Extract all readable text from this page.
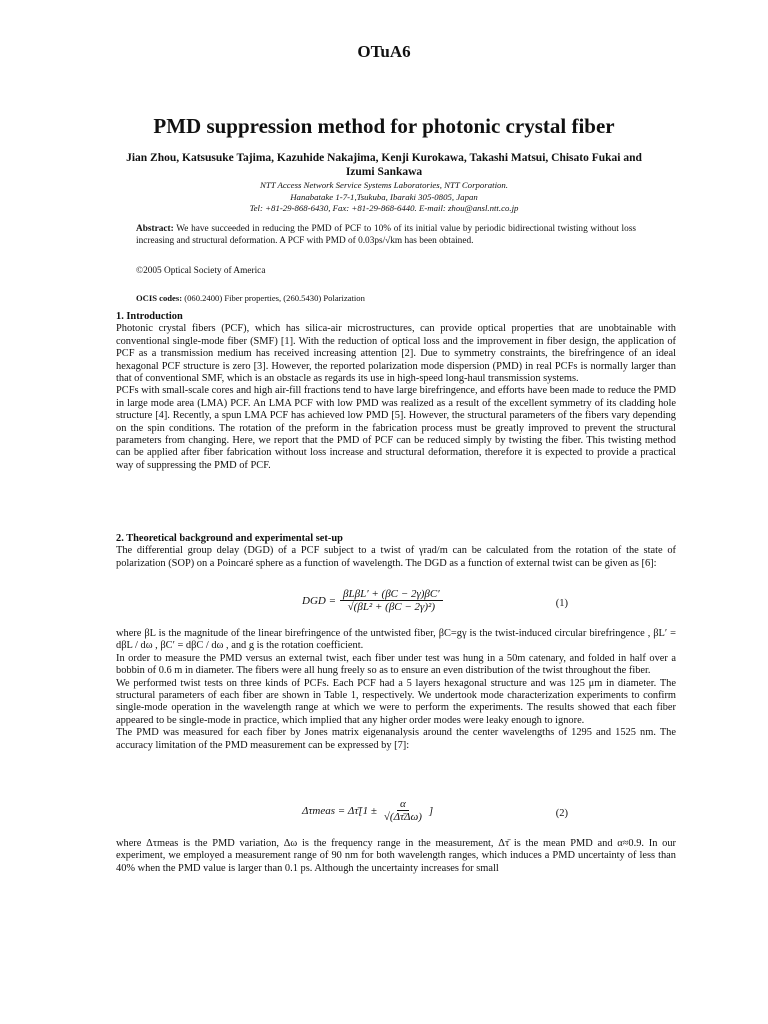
OTuA6
PMD suppression method for photonic crystal fiber
Jian Zhou, Katsusuke Tajima, Kazuhide Nakajima, Kenji Kurokawa, Takashi Matsui, Chisato Fukai and Izumi Sankawa
NTT Access Network Service Systems Laboratories, NTT Corporation.
Hanabatake 1-7-1,Tsukuba, Ibaraki 305-0805, Japan
Tel: +81-29-868-6430, Fax: +81-29-868-6440. E-mail: zhou@ansl.ntt.co.jp
Abstract: We have succeeded in reducing the PMD of PCF to 10% of its initial value by periodic bidirectional twisting without loss increasing and structural deformation. A PCF with PMD of 0.03ps/√km has been obtained.
©2005 Optical Society of America
OCIS codes: (060.2400) Fiber properties, (260.5430) Polarization
1. Introduction

Photonic crystal fibers (PCF), which has silica-air microstructures, can provide optical properties that are unobtainable with conventional single-mode fiber (SMF) [1]. With the reduction of optical loss and the improvement in fiber design, the application of PCF as a transmission medium has received increasing attention [2]. Due to symmetry constraints, the birefringence of an ideal hexagonal PCF structure is zero [3]. However, the reported polarization mode dispersion (PMD) in real PCFs is normally larger than that of conventional SMF, which is an obstacle as regards its use in high-speed long-haul transmission systems.

PCFs with small-scale cores and high air-fill fractions tend to have large birefringence, and efforts have been made to reduce the PMD in large mode area (LMA) PCF. An LMA PCF with low PMD was realized as a result of the excellent symmetry of its cladding hole structure [4]. Recently, a spun LMA PCF has achieved low PMD [5]. However, the structural parameters of the fibers vary depending on the spin conditions. The rotation of the preform in the fabrication process must be greatly improved to prevent the structural parameters from changing. Here, we report that the PMD of PCF can be reduced simply by twisting the fiber. This twisting method can be applied after fiber fabrication without loss increase and structural deformation, therefore it is expected to provide a practical way of suppressing the PMD of PCF.

2. Theoretical background and experimental set-up

The differential group delay (DGD) of a PCF subject to a twist of γrad/m can be calculated from the rotation of the state of polarization (SOP) on a Poincaré sphere as a function of wavelength. The DGD as a function of external twist can be given as [6]:

DGD = $\frac{\text{βLβL′ + (βC − 2γ)βC′}}{\text{√(βL² + (βC − 2γ)²)}}$	(1)

where βL is the magnitude of the linear birefringence of the untwisted fiber, βC=gγ is the twist-induced circular birefringence , βL′ = dβL / dω , βC′ = dβC / dω , and g is the rotation coefficient.

In order to measure the PMD versus an external twist, each fiber under test was hung in a 50m catenary, and folded in half over a bobbin of 0.6 m in diameter. The fibers were all hung freely so as to ensure an even distribution of the twist throughout the fiber.

We performed twist tests on three kinds of PCFs. Each PCF had a 5 layers hexagonal structure and was 125 μm in diameter. The structural parameters of each fiber are shown in Table 1, respectively. We undertook mode characterization experiments to confirm single-mode operation in the wavelength range at which we were to perform the experiments. The results showed that each fiber appeared to be single-mode in practice, which implied that any higher order modes were leaky enough to ignore.

The PMD was measured for each fiber by Jones matrix eigenanalysis around the center wavelengths of 1295 and 1525 nm. The accuracy limitation of the PMD measurement can be expressed by [7]:

Δτmeas = Δτ̄[1 ± $\frac{\alpha}{√(\Delta\taū\Delta\omega)}$ ]	(2)

where Δτmeas is the PMD variation, Δω is the frequency range in the measurement, Δτ̄ is the mean PMD and α≈0.9. In our experiment, we employed a measurement range of 90 nm for both wavelength ranges, which induces a PMD uncertainty of less than 40% when the PMD value is larger than 0.1 ps. Although the uncertainty increases for small
